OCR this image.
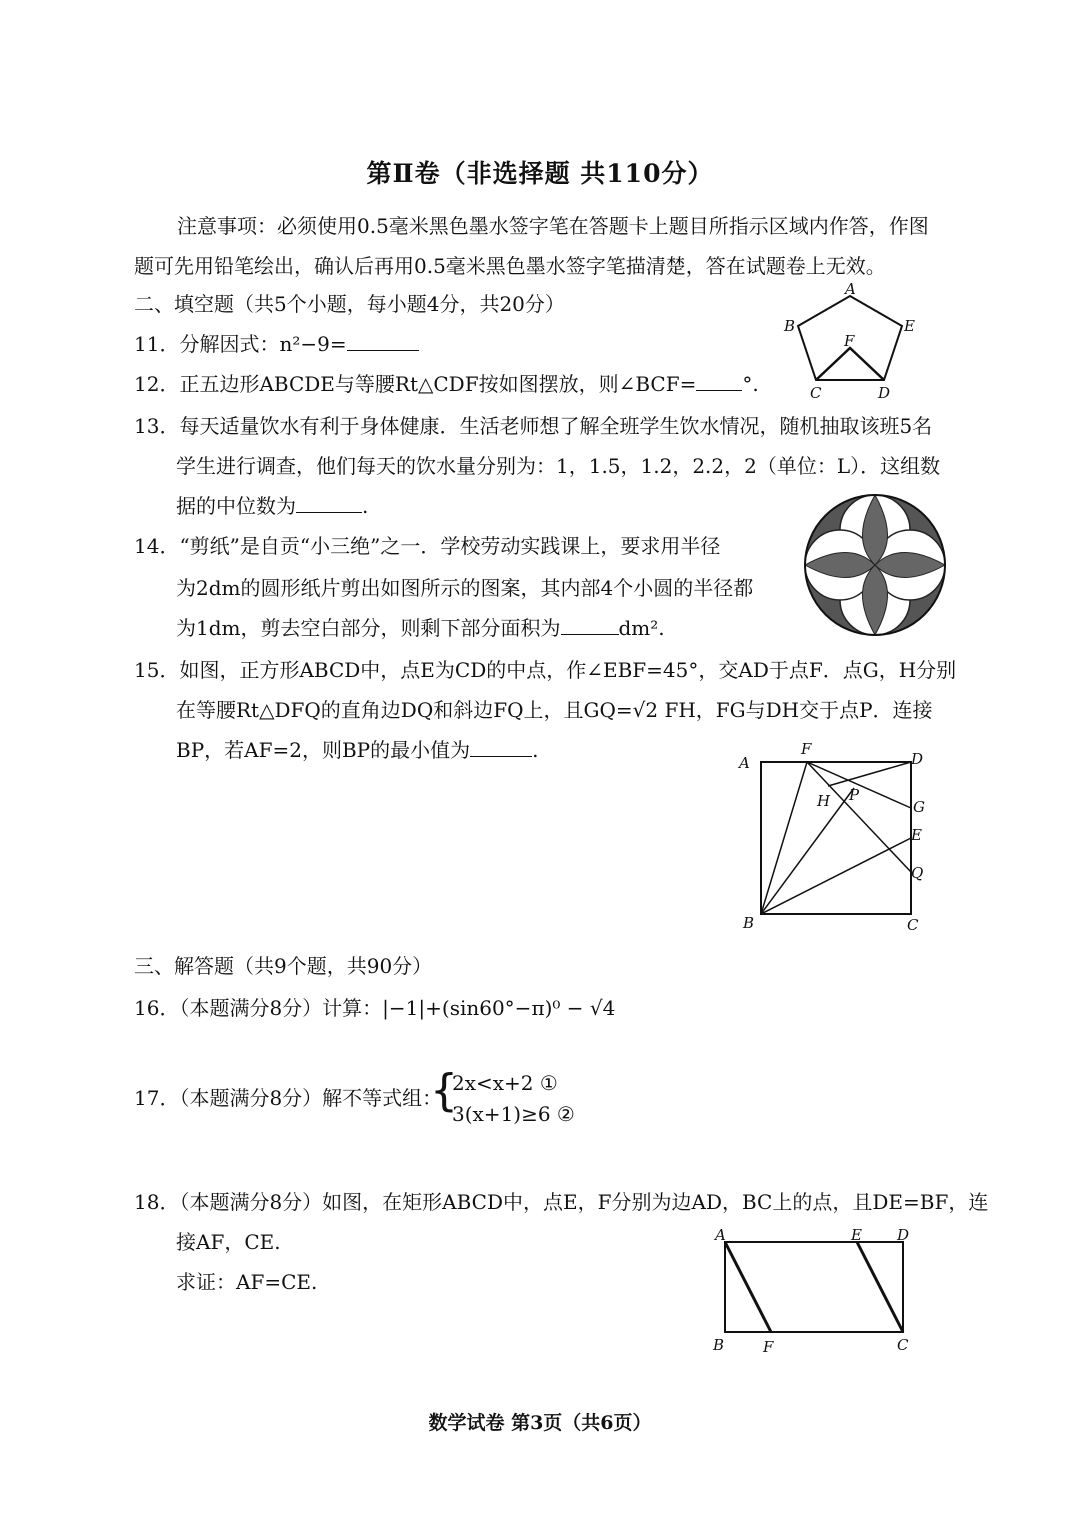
第Ⅱ卷（非选择题 共110分）
注意事项：必须使用0.5毫米黑色墨水签字笔在答题卡上题目所指示区域内作答，作图
题可先用铅笔绘出，确认后再用0.5毫米黑色墨水签字笔描清楚，答在试题卷上无效。
二、填空题（共5个小题，每小题4分，共20分）
11．分解因式：n²−9=
12．正五边形ABCDE与等腰Rt△CDF按如图摆放，则∠BCF= °.
13．每天适量饮水有利于身体健康．生活老师想了解全班学生饮水情况，随机抽取该班5名
学生进行调查，他们每天的饮水量分别为：1，1.5，1.2，2.2，2（单位：L）．这组数
据的中位数为	.
14．“剪纸”是自贡“小三绝”之一．学校劳动实践课上，要求用半径
为2dm的圆形纸片剪出如图所示的图案，其内部4个小圆的半径都
为1dm，剪去空白部分，则剩下部分面积为	dm².
15．如图，正方形ABCD中，点E为CD的中点，作∠EBF=45°，交AD于点F．点G，H分别
在等腰Rt△DFQ的直角边DQ和斜边FQ上，且GQ=√2 FH，FG与DH交于点P．连接
BP，若AF=2，则BP的最小值为	.
三、解答题（共9个题，共90分）
16．（本题满分8分）计算：|−1|+(sin60°−π)⁰ − √4
17．（本题满分8分）解不等式组：
{
2x<x+2 ①
3(x+1)≥6 ②
18．（本题满分8分）如图，在矩形ABCD中，点E，F分别为边AD，BC上的点，且DE=BF，连
接AF，CE.
求证：AF=CE.
A
B	E
F
C	D
A
F
D
H P
G
E
Q
B	C
A	E D
B	F	C
数学试卷 第3页（共6页）
